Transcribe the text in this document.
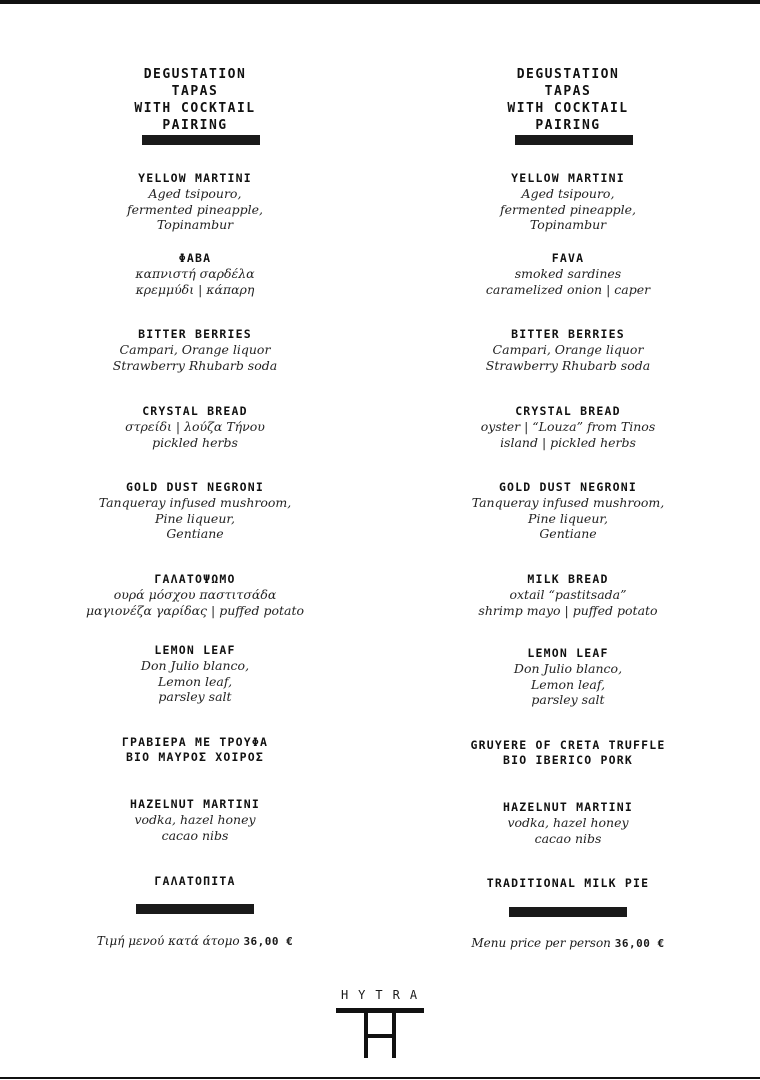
DEGUSTATION
TAPAS
WITH COCKTAIL
PAIRING
YELLOW MARTINI
Aged tsipouro,
fermented pineapple,
Topinambur
ΦΑΒΑ
καπνιστή σαρδέλα
κρεμμύδι | κάπαρη
BITTER BERRIES
Campari, Orange liquor
Strawberry Rhubarb soda
CRYSTAL BREAD
στρείδι | λούζα Τήνου
pickled herbs
GOLD DUST NEGRONI
Tanqueray infused mushroom,
Pine liqueur,
Gentiane
ΓΑΛΑΤΟΨΩΜΟ
ουρά μόσχου παστιτσάδα
μαγιονέζα γαρίδας | puffed potato
LEMON LEAF
Don Julio blanco,
Lemon leaf,
parsley salt
ΓΡΑΒΙΕΡΑ ΜΕ ΤΡΟΥΦΑ
ΒΙΟ ΜΑΥΡΟΣ ΧΟΙΡΟΣ
HAZELNUT MARTINI
vodka, hazel honey
cacao nibs
ΓΑΛΑΤΟΠΙΤΑ
Τιμή μενού κατά άτομο 36,00 €
DEGUSTATION
TAPAS
WITH COCKTAIL
PAIRING
YELLOW MARTINI
Aged tsipouro,
fermented pineapple,
Topinambur
FAVA
smoked sardines
caramelized onion | caper
BITTER BERRIES
Campari, Orange liquor
Strawberry Rhubarb soda
CRYSTAL BREAD
oyster | “Louza” from Tinos
island | pickled herbs
GOLD DUST NEGRONI
Tanqueray infused mushroom,
Pine liqueur,
Gentiane
MILK BREAD
oxtail “pastitsada”
shrimp mayo | puffed potato
LEMON LEAF
Don Julio blanco,
Lemon leaf,
parsley salt
GRUYERE OF CRETA TRUFFLE
BIO IBERICO PORK
HAZELNUT MARTINI
vodka, hazel honey
cacao nibs
TRADITIONAL MILK PIE
Menu price per person 36,00 €
HYTRA
